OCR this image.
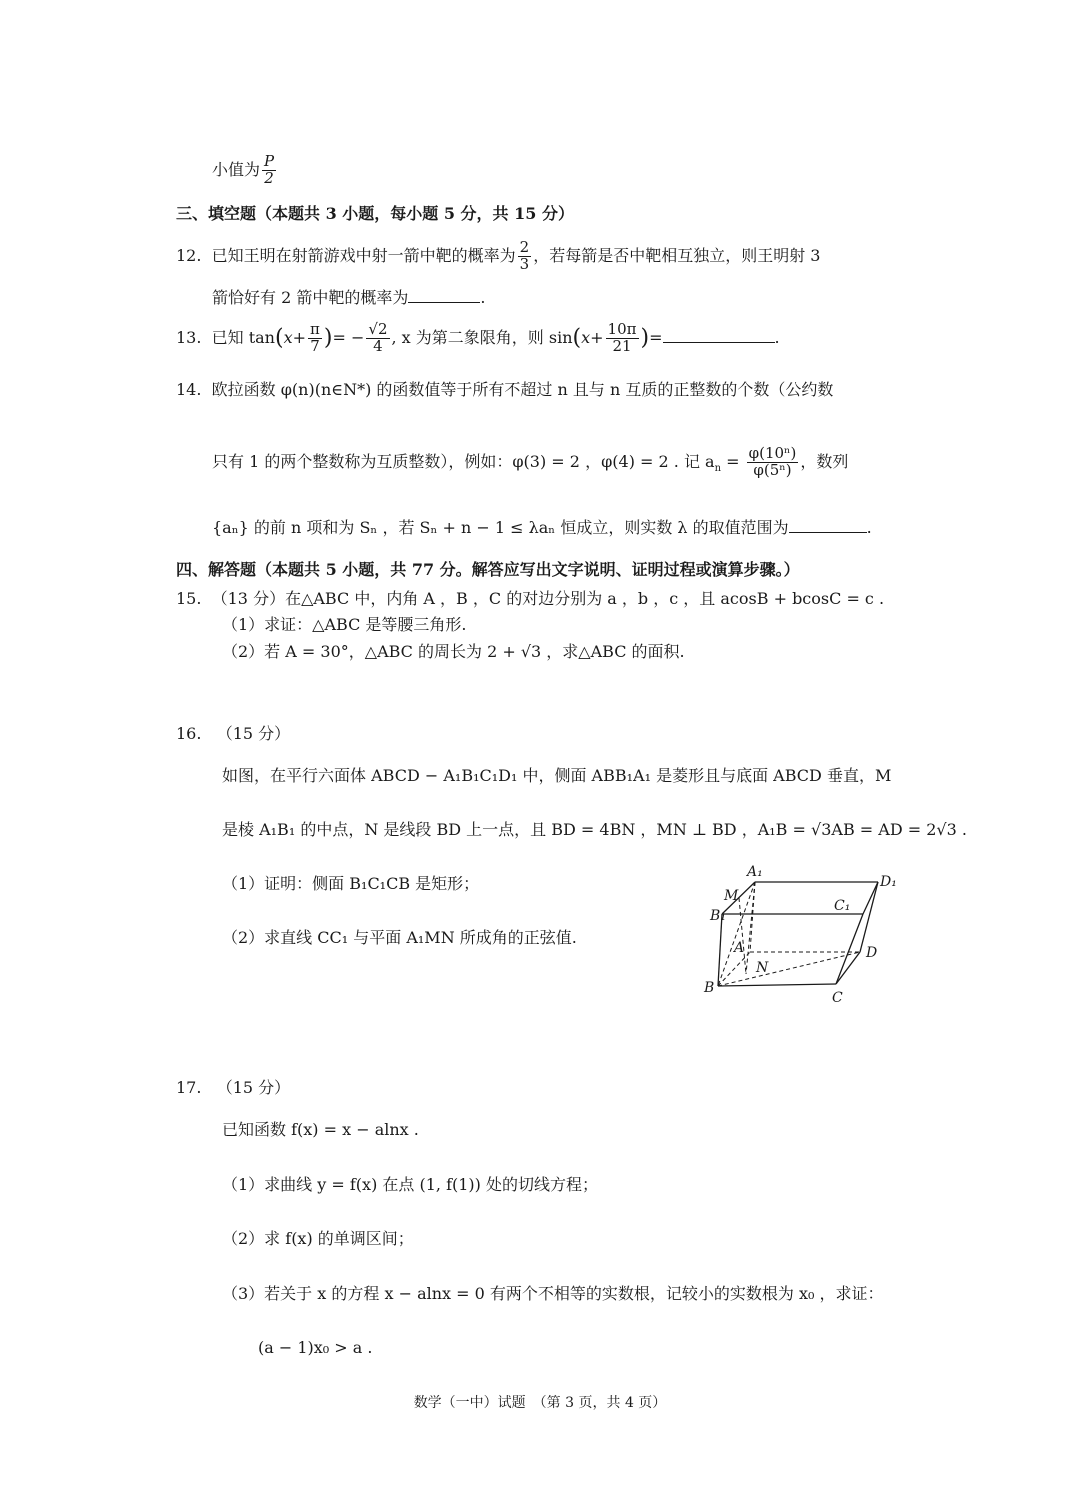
小值为 $\frac{P}{2}$
三、填空题（本题共 3 小题，每小题 5 分，共 15 分）
12. 已知王明在射箭游戏中射一箭中靶的概率为 $\frac{2}{3}$ ，若每箭是否中靶相互独立，则王明射 3
箭恰好有 2 箭中靶的概率为	.
13. 已知 $\tan(x+ \frac{\pi}{7}$ )= − $\frac{√2}{4}$ , x 为第二象限角，则 $\sin(x+ \frac{10\pi}{21}$ )=	.
14. 欧拉函数 φ(n)(n∈N*) 的函数值等于所有不超过 n 且与 n 互质的正整数的个数（公约数
只有 1 的两个整数称为互质整数），例如：φ(3) = 2 ，φ(4) = 2 . 记 $a_n = \frac{\text{φ(10ⁿ)}}{\text{φ(5ⁿ)}}$ ，数列
{aₙ} 的前 n 项和为 Sₙ ，若 Sₙ + n − 1 ≤ λaₙ 恒成立，则实数 λ 的取值范围为	.
四、解答题（本题共 5 小题，共 77 分。解答应写出文字说明、证明过程或演算步骤。）
15. （13 分）在△ABC 中，内角 A ，B ，C 的对边分别为 a ，b ，c ，且 acosB + bcosC = c .
（1）求证：△ABC 是等腰三角形.
（2）若 A = 30°，△ABC 的周长为 2 + √3 ，求△ABC 的面积.
16. （15 分）
如图，在平行六面体 ABCD − A₁B₁C₁D₁ 中，侧面 ABB₁A₁ 是菱形且与底面 ABCD 垂直，M
是棱 A₁B₁ 的中点，N 是线段 BD 上一点，且 BD = 4BN ，MN ⊥ BD ，A₁B = √3AB = AD = 2√3 .
（1）证明：侧面 B₁C₁CB 是矩形；
（2）求直线 CC₁ 与平面 A₁MN 所成角的正弦值.
A₁
D₁
M
B₁
C₁
A
N
D
B
C
17. （15 分）
已知函数 f(x) = x − alnx .
（1）求曲线 y = f(x) 在点 (1, f(1)) 处的切线方程；
（2）求 f(x) 的单调区间；
（3）若关于 x 的方程 x − alnx = 0 有两个不相等的实数根，记较小的实数根为 x₀ ，求证：
(a − 1)x₀ > a .
数学（一中）试题　（第 3 页，共 4 页）
